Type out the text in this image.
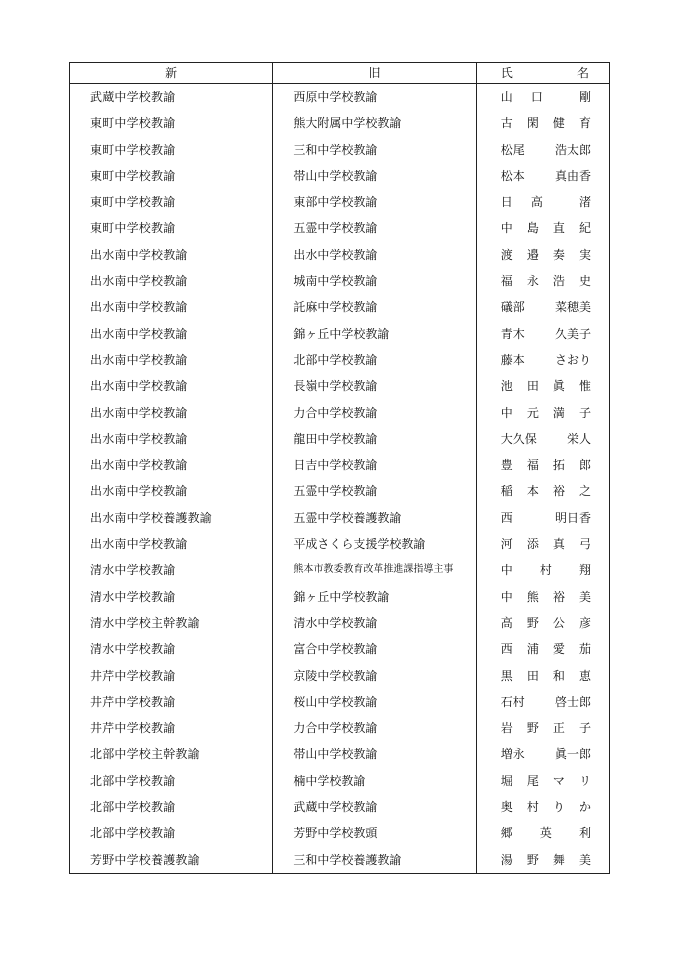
新	旧	氏 名

武蔵中学校教諭	西原中学校教諭	山 口 剛

東町中学校教諭	熊大附属中学校教諭	古 閑 健 育

東町中学校教諭	三和中学校教諭	松尾 浩太郎

東町中学校教諭	帯山中学校教諭	松本 真由香

東町中学校教諭	東部中学校教諭	日 高 渚

東町中学校教諭	五霊中学校教諭	中 島 直 紀

出水南中学校教諭	出水中学校教諭	渡 邉 奏 実

出水南中学校教諭	城南中学校教諭	福 永 浩 史

出水南中学校教諭	託麻中学校教諭	礒部 菜穂美

出水南中学校教諭	錦ヶ丘中学校教諭	青木 久美子

出水南中学校教諭	北部中学校教諭	藤本 さおり

出水南中学校教諭	長嶺中学校教諭	池 田 眞 惟

出水南中学校教諭	力合中学校教諭	中 元 満 子

出水南中学校教諭	龍田中学校教諭	大久保 栄人

出水南中学校教諭	日吉中学校教諭	豊 福 拓 郎

出水南中学校教諭	五霊中学校教諭	稲 本 裕 之

出水南中学校養護教諭	五霊中学校養護教諭	西 明日香

出水南中学校教諭	平成さくら支援学校教諭	河 添 真 弓

清水中学校教諭	熊本市教委教育改革推進課指導主事	中 村 翔

清水中学校教諭	錦ヶ丘中学校教諭	中 熊 裕 美

清水中学校主幹教諭	清水中学校教諭	高 野 公 彦

清水中学校教諭	富合中学校教諭	西 浦 愛 茄

井芹中学校教諭	京陵中学校教諭	黒 田 和 恵

井芹中学校教諭	桜山中学校教諭	石村 啓士郎

井芹中学校教諭	力合中学校教諭	岩 野 正 子

北部中学校主幹教諭	帯山中学校教諭	増永 眞一郎

北部中学校教諭	楠中学校教諭	堀 尾 マ リ

北部中学校教諭	武蔵中学校教諭	奥 村 り か

北部中学校教諭	芳野中学校教頭	郷 英 利

芳野中学校養護教諭	三和中学校養護教諭	湯 野 舞 美
